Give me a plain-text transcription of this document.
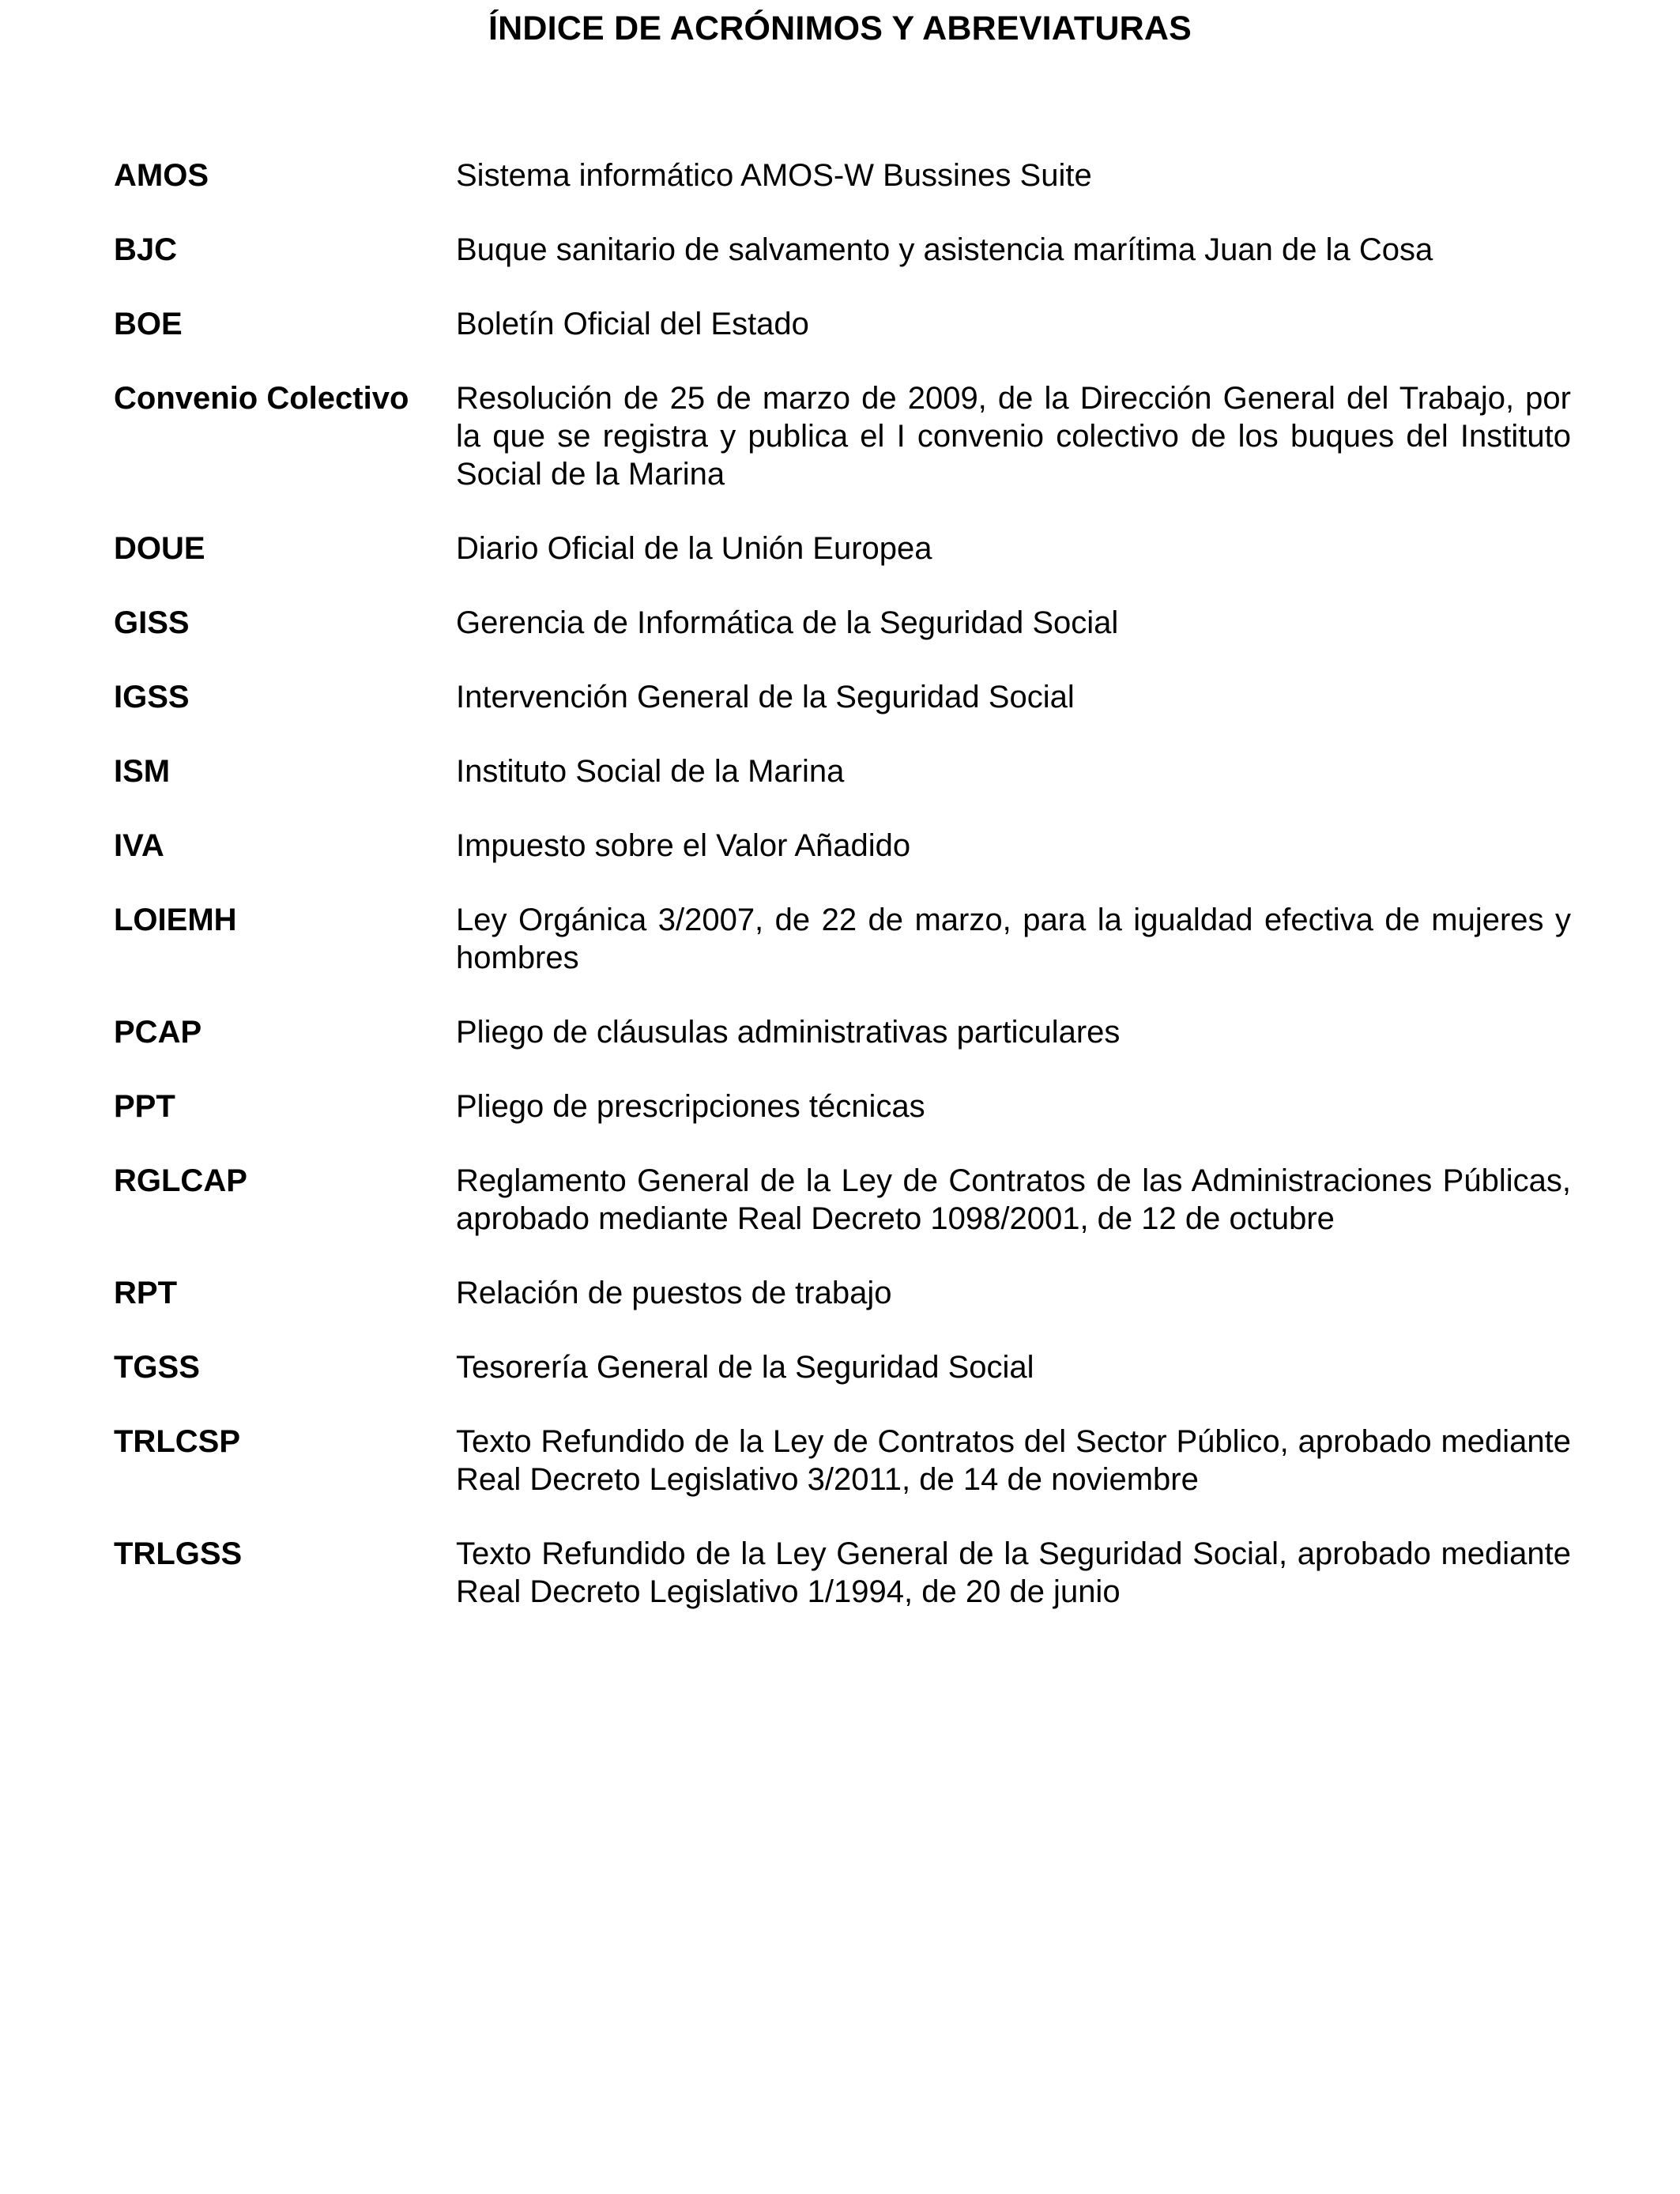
ÍNDICE DE ACRÓNIMOS Y ABREVIATURAS
AMOS	Sistema informático AMOS-W Bussines Suite
BJC	Buque sanitario de salvamento y asistencia marítima Juan de la Cosa
BOE	Boletín Oficial del Estado
Convenio Colectivo	Resolución de 25 de marzo de 2009, de la Dirección General del Trabajo, por la que se registra y publica el I convenio colectivo de los buques del Instituto Social de la Marina
DOUE	Diario Oficial de la Unión Europea
GISS	Gerencia de Informática de la Seguridad Social
IGSS	Intervención General de la Seguridad Social
ISM	Instituto Social de la Marina
IVA	Impuesto sobre el Valor Añadido
LOIEMH	Ley Orgánica 3/2007, de 22 de marzo, para la igualdad efectiva de mujeres y hombres
PCAP	Pliego de cláusulas administrativas particulares
PPT	Pliego de prescripciones técnicas
RGLCAP	Reglamento General de la Ley de Contratos de las Administraciones Públicas, aprobado mediante Real Decreto 1098/2001, de 12 de octubre
RPT	Relación de puestos de trabajo
TGSS	Tesorería General de la Seguridad Social
TRLCSP	Texto Refundido de la Ley de Contratos del Sector Público, aprobado mediante Real Decreto Legislativo 3/2011, de 14 de noviembre
TRLGSS	Texto Refundido de la Ley General de la Seguridad Social, aprobado mediante Real Decreto Legislativo 1/1994, de 20 de junio
